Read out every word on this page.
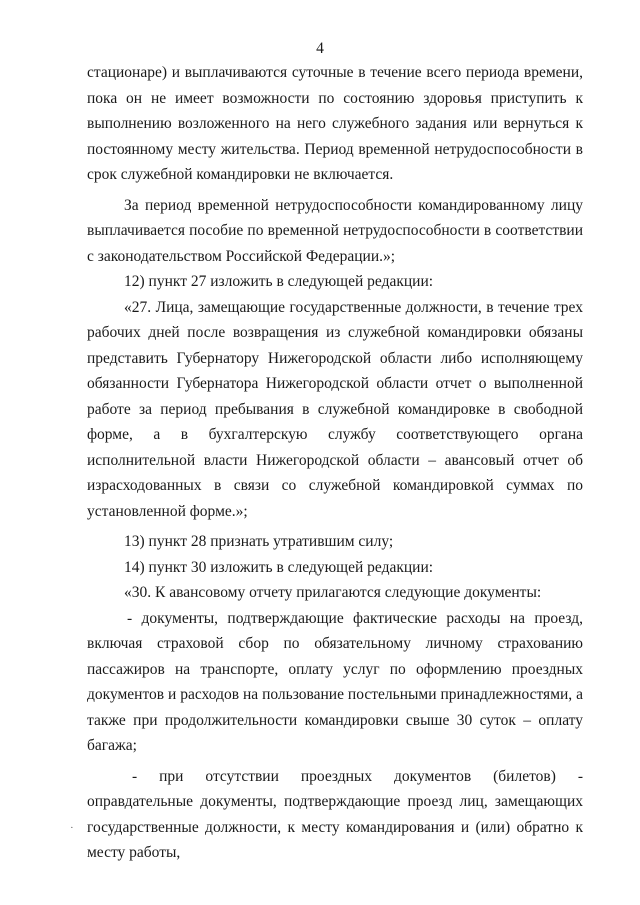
4

стационаре) и выплачиваются суточные в течение всего периода времени, пока он не имеет возможности по состоянию здоровья приступить к выполнению возложенного на него служебного задания или вернуться к постоянному месту жительства. Период временной нетрудоспособности в срок служебной командировки не включается.

За период временной нетрудоспособности командированному лицу выплачивается пособие по временной нетрудоспособности в соответствии с законодательством Российской Федерации.»;

12) пункт 27 изложить в следующей редакции:

«27. Лица, замещающие государственные должности, в течение трех рабочих дней после возвращения из служебной командировки обязаны представить Губернатору Нижегородской области либо исполняющему обязанности Губернатора Нижегородской области отчет о выполненной работе за период пребывания в служебной командировке в свободной форме, а в бухгалтерскую службу соответствующего органа исполнительной власти Нижегородской области – авансовый отчет об израсходованных в связи со служебной командировкой суммах по установленной форме.»;

13) пункт 28 признать утратившим силу;

14) пункт 30 изложить в следующей редакции:

«30. К авансовому отчету прилагаются следующие документы:

- документы, подтверждающие фактические расходы на проезд, включая страховой сбор по обязательному личному страхованию пассажиров на транспорте, оплату услуг по оформлению проездных документов и расходов на пользование постельными принадлежностями, а также при продолжительности командировки свыше 30 суток – оплату багажа;

- при отсутствии проездных документов (билетов) - оправдательные документы, подтверждающие проезд лиц, замещающих государственные должности, к месту командирования и (или) обратно к месту работы,

·
